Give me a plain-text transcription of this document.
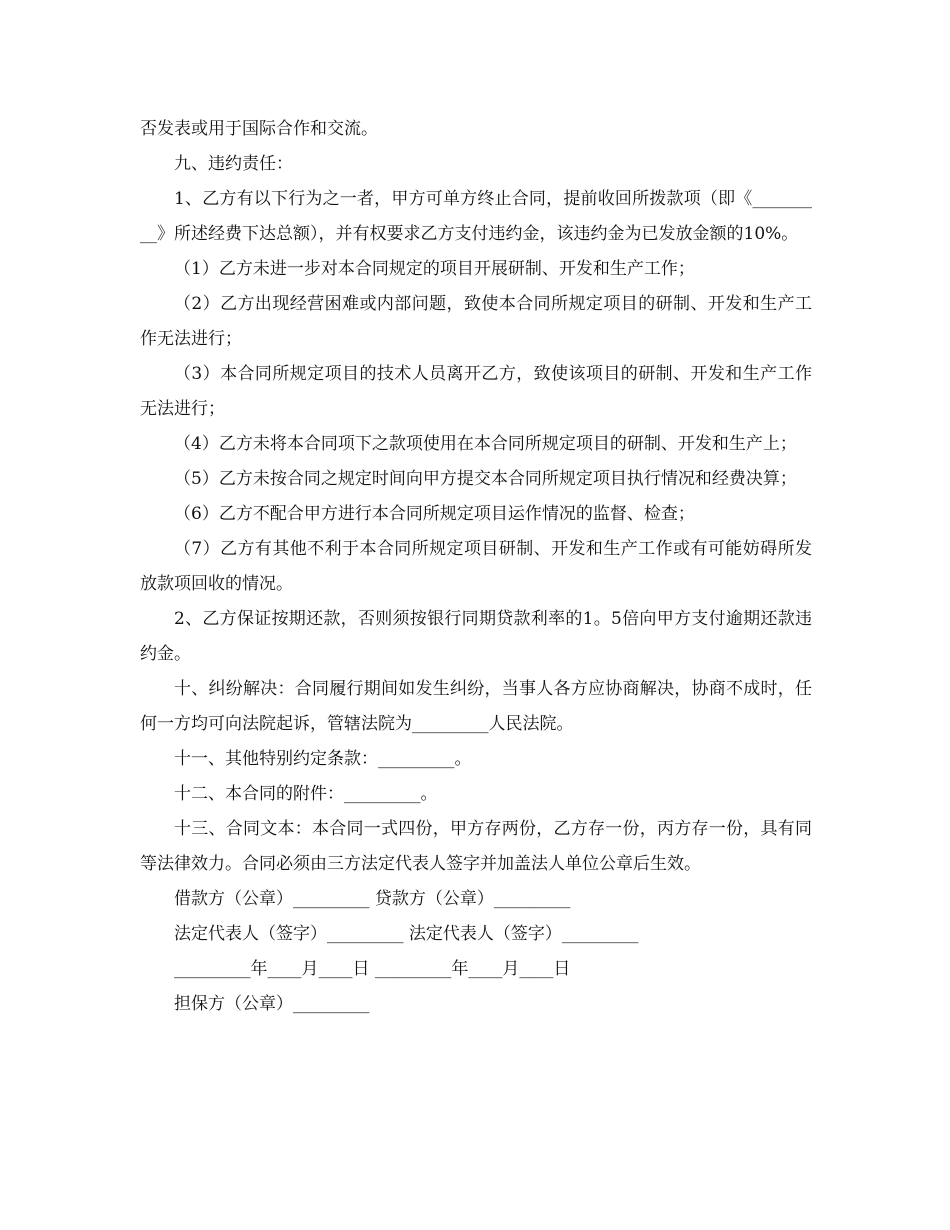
否发表或用于国际合作和交流。

九、违约责任：

1、乙方有以下行为之一者，甲方可单方终止合同，提前收回所拨款项（即《_________》所述经费下达总额），并有权要求乙方支付违约金，该违约金为已发放金额的10%。

（1）乙方未进一步对本合同规定的项目开展研制、开发和生产工作；

（2）乙方出现经营困难或内部问题，致使本合同所规定项目的研制、开发和生产工作无法进行；

（3）本合同所规定项目的技术人员离开乙方，致使该项目的研制、开发和生产工作无法进行；

（4）乙方未将本合同项下之款项使用在本合同所规定项目的研制、开发和生产上；

（5）乙方未按合同之规定时间向甲方提交本合同所规定项目执行情况和经费决算；

（6）乙方不配合甲方进行本合同所规定项目运作情况的监督、检查；

（7）乙方有其他不利于本合同所规定项目研制、开发和生产工作或有可能妨碍所发放款项回收的情况。

2、乙方保证按期还款，否则须按银行同期贷款利率的1。5倍向甲方支付逾期还款违约金。

十、纠纷解决：合同履行期间如发生纠纷，当事人各方应协商解决，协商不成时，任何一方均可向法院起诉，管辖法院为_________人民法院。

十一、其他特别约定条款：_________。

十二、本合同的附件：_________。

十三、合同文本：本合同一式四份，甲方存两份，乙方存一份，丙方存一份，具有同等法律效力。合同必须由三方法定代表人签字并加盖法人单位公章后生效。

借款方（公章）_________ 贷款方（公章）_________

法定代表人（签字）_________ 法定代表人（签字）_________

_________年____月____日 _________年____月____日

担保方（公章）_________
